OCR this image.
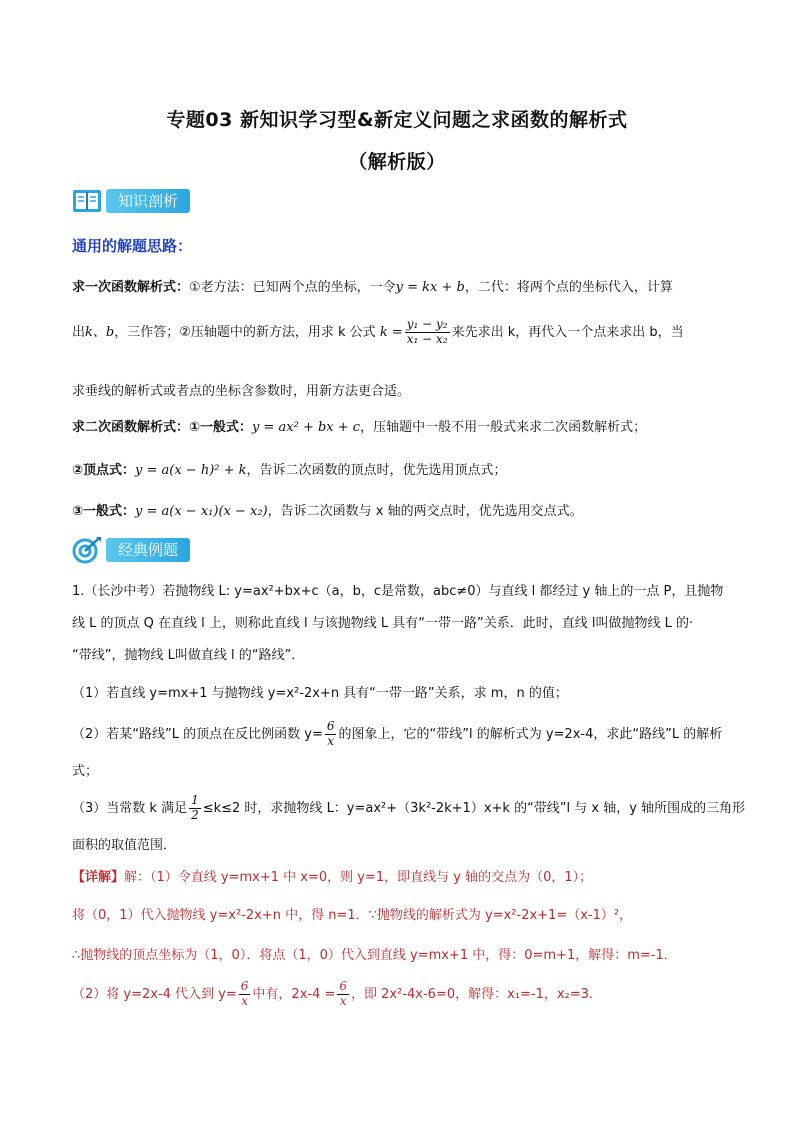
专题03 新知识学习型&新定义问题之求函数的解析式
（解析版）
知识剖析
通用的解题思路：
求一次函数解析式：①老方法：已知两个点的坐标，一令y = kx + b，二代：将两个点的坐标代入，计算
出k、b，三作答；②压轴题中的新方法，用求 k 公式 $k = \frac{\text{y₁ − y₂}}{\text{x₁ − x₂}}$ 来先求出 k，再代入一个点来求出 b，当
求垂线的解析式或者点的坐标含参数时，用新方法更合适。
求二次函数解析式：①一般式：y = ax² + bx + c，压轴题中一般不用一般式来求二次函数解析式；
②顶点式：y = a(x − h)² + k，告诉二次函数的顶点时，优先选用顶点式；
③一般式：y = a(x − x₁)(x − x₂)，告诉二次函数与 x 轴的两交点时，优先选用交点式。
经典例题
1.（长沙中考）若抛物线 L: y=ax²+bx+c（a，b，c是常数，abc≠0）与直线 l 都经过 y 轴上的一点 P，且抛物
线 L 的顶点 Q 在直线 l 上，则称此直线 l 与该抛物线 L 具有“一带一路”关系．此时，直线 l叫做抛物线 L 的·
“带线”，抛物线 L叫做直线 l 的“路线”．
（1）若直线 y=mx+1 与抛物线 y=x²-2x+n 具有“一带一路”关系，求 m，n 的值；
（2）若某“路线”L 的顶点在反比例函数 $y= \frac{6}{x}$ 的图象上，它的“带线”l 的解析式为 y=2x-4，求此“路线”L 的解析
式；
（3）当常数 k 满足 $\frac{1}{2} \le k\le 2$ 时，求抛物线 L：y=ax²+（3k²-2k+1）x+k 的“带线”l 与 x 轴，y 轴所围成的三角形
面积的取值范围．
【详解】解：（1）令直线 y=mx+1 中 x=0，则 y=1，即直线与 y 轴的交点为（0，1）；
将（0，1）代入抛物线 y=x²-2x+n 中，得 n=1．∵抛物线的解析式为 y=x²-2x+1=（x-1）²，
∴抛物线的顶点坐标为（1，0）．将点（1，0）代入到直线 y=mx+1 中，得：0=m+1，解得：m=-1．
（2）将 y=2x-4 代入到 $y= \frac{6}{x}$ 中有，$2x-4 = \frac{6}{x}$ ，即 2x²-4x-6=0，解得：x₁=-1，x₂=3．
